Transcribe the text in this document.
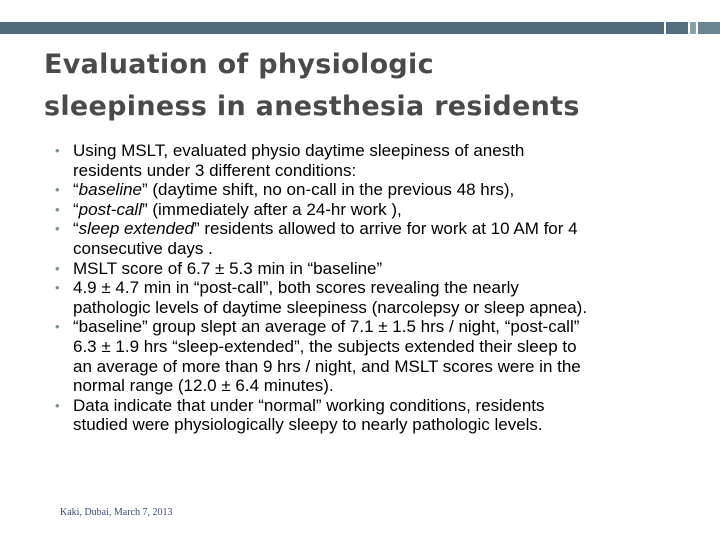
Evaluation of physiologic
sleepiness in anesthesia residents
• Using MSLT, evaluated physio daytime sleepiness of anesth
residents under 3 different conditions:
• “baseline” (daytime shift, no on-call in the previous 48 hrs),
• “post-call” (immediately after a 24-hr work ),
• “sleep extended” residents allowed to arrive for work at 10 AM for 4
consecutive days .
• MSLT score of 6.7 ± 5.3 min in “baseline”
• 4.9 ± 4.7 min in “post-call”, both scores revealing the nearly
pathologic levels of daytime sleepiness (narcolepsy or sleep apnea).
• “baseline” group slept an average of 7.1 ± 1.5 hrs / night, “post-call”
6.3 ± 1.9 hrs “sleep-extended”, the subjects extended their sleep to
an average of more than 9 hrs / night, and MSLT scores were in the
normal range (12.0 ± 6.4 minutes).
• Data indicate that under “normal” working conditions, residents
studied were physiologically sleepy to nearly pathologic levels.
Kaki, Dubai, March 7, 2013
